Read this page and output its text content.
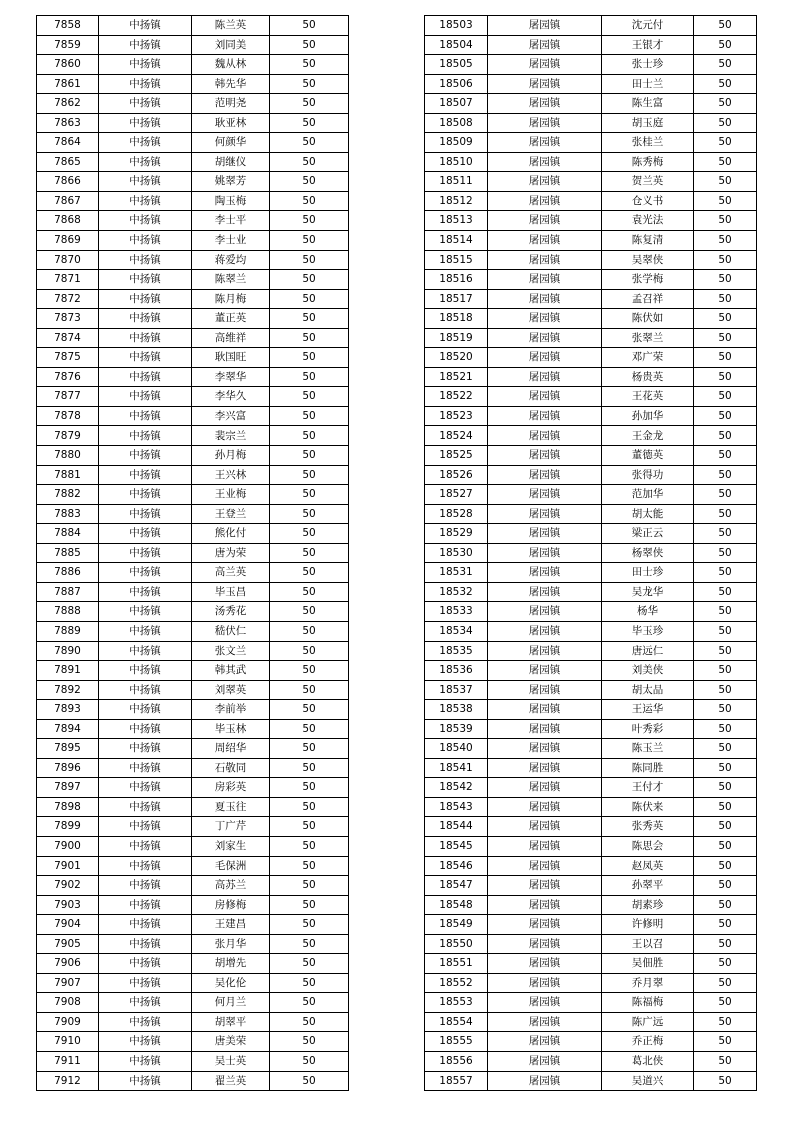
7858	中扬镇	陈兰英	50
7859	中扬镇	刘同美	50
7860	中扬镇	魏从林	50
7861	中扬镇	韩先华	50
7862	中扬镇	范明尧	50
7863	中扬镇	耿亚林	50
7864	中扬镇	何颜华	50
7865	中扬镇	胡继仪	50
7866	中扬镇	姚翠芳	50
7867	中扬镇	陶玉梅	50
7868	中扬镇	李士平	50
7869	中扬镇	李士业	50
7870	中扬镇	蒋爱均	50
7871	中扬镇	陈翠兰	50
7872	中扬镇	陈月梅	50
7873	中扬镇	董正英	50
7874	中扬镇	高维祥	50
7875	中扬镇	耿国旺	50
7876	中扬镇	李翠华	50
7877	中扬镇	李华久	50
7878	中扬镇	李兴富	50
7879	中扬镇	裴宗兰	50
7880	中扬镇	孙月梅	50
7881	中扬镇	王兴林	50
7882	中扬镇	王业梅	50
7883	中扬镇	王登兰	50
7884	中扬镇	熊化付	50
7885	中扬镇	唐为荣	50
7886	中扬镇	高兰英	50
7887	中扬镇	毕玉昌	50
7888	中扬镇	汤秀花	50
7889	中扬镇	嵇伏仁	50
7890	中扬镇	张文兰	50
7891	中扬镇	韩其武	50
7892	中扬镇	刘翠英	50
7893	中扬镇	李前举	50
7894	中扬镇	毕玉林	50
7895	中扬镇	周绍华	50
7896	中扬镇	石敬同	50
7897	中扬镇	房彩英	50
7898	中扬镇	夏玉往	50
7899	中扬镇	丁广芹	50
7900	中扬镇	刘家生	50
7901	中扬镇	毛保洲	50
7902	中扬镇	高苏兰	50
7903	中扬镇	房修梅	50
7904	中扬镇	王建昌	50
7905	中扬镇	张月华	50
7906	中扬镇	胡增先	50
7907	中扬镇	吴化伦	50
7908	中扬镇	何月兰	50
7909	中扬镇	胡翠平	50
7910	中扬镇	唐美荣	50
7911	中扬镇	吴士英	50
7912	中扬镇	翟兰英	50
18503	屠园镇	沈元付	50
18504	屠园镇	王银才	50
18505	屠园镇	张士珍	50
18506	屠园镇	田士兰	50
18507	屠园镇	陈生富	50
18508	屠园镇	胡玉庭	50
18509	屠园镇	张桂兰	50
18510	屠园镇	陈秀梅	50
18511	屠园镇	贺兰英	50
18512	屠园镇	仓义书	50
18513	屠园镇	袁光法	50
18514	屠园镇	陈复清	50
18515	屠园镇	吴翠侠	50
18516	屠园镇	张学梅	50
18517	屠园镇	孟召祥	50
18518	屠园镇	陈伏如	50
18519	屠园镇	张翠兰	50
18520	屠园镇	邓广荣	50
18521	屠园镇	杨贵英	50
18522	屠园镇	王花英	50
18523	屠园镇	孙加华	50
18524	屠园镇	王金龙	50
18525	屠园镇	董德英	50
18526	屠园镇	张得功	50
18527	屠园镇	范加华	50
18528	屠园镇	胡太能	50
18529	屠园镇	梁正云	50
18530	屠园镇	杨翠侠	50
18531	屠园镇	田士珍	50
18532	屠园镇	吴龙华	50
18533	屠园镇	杨华	50
18534	屠园镇	毕玉珍	50
18535	屠园镇	唐远仁	50
18536	屠园镇	刘美侠	50
18537	屠园镇	胡太品	50
18538	屠园镇	王运华	50
18539	屠园镇	叶秀彩	50
18540	屠园镇	陈玉兰	50
18541	屠园镇	陈同胜	50
18542	屠园镇	王付才	50
18543	屠园镇	陈伏来	50
18544	屠园镇	张秀英	50
18545	屠园镇	陈思会	50
18546	屠园镇	赵凤英	50
18547	屠园镇	孙翠平	50
18548	屠园镇	胡素珍	50
18549	屠园镇	许修明	50
18550	屠园镇	王以召	50
18551	屠园镇	吴佃胜	50
18552	屠园镇	乔月翠	50
18553	屠园镇	陈福梅	50
18554	屠园镇	陈广远	50
18555	屠园镇	乔正梅	50
18556	屠园镇	葛北侠	50
18557	屠园镇	吴道兴	50
